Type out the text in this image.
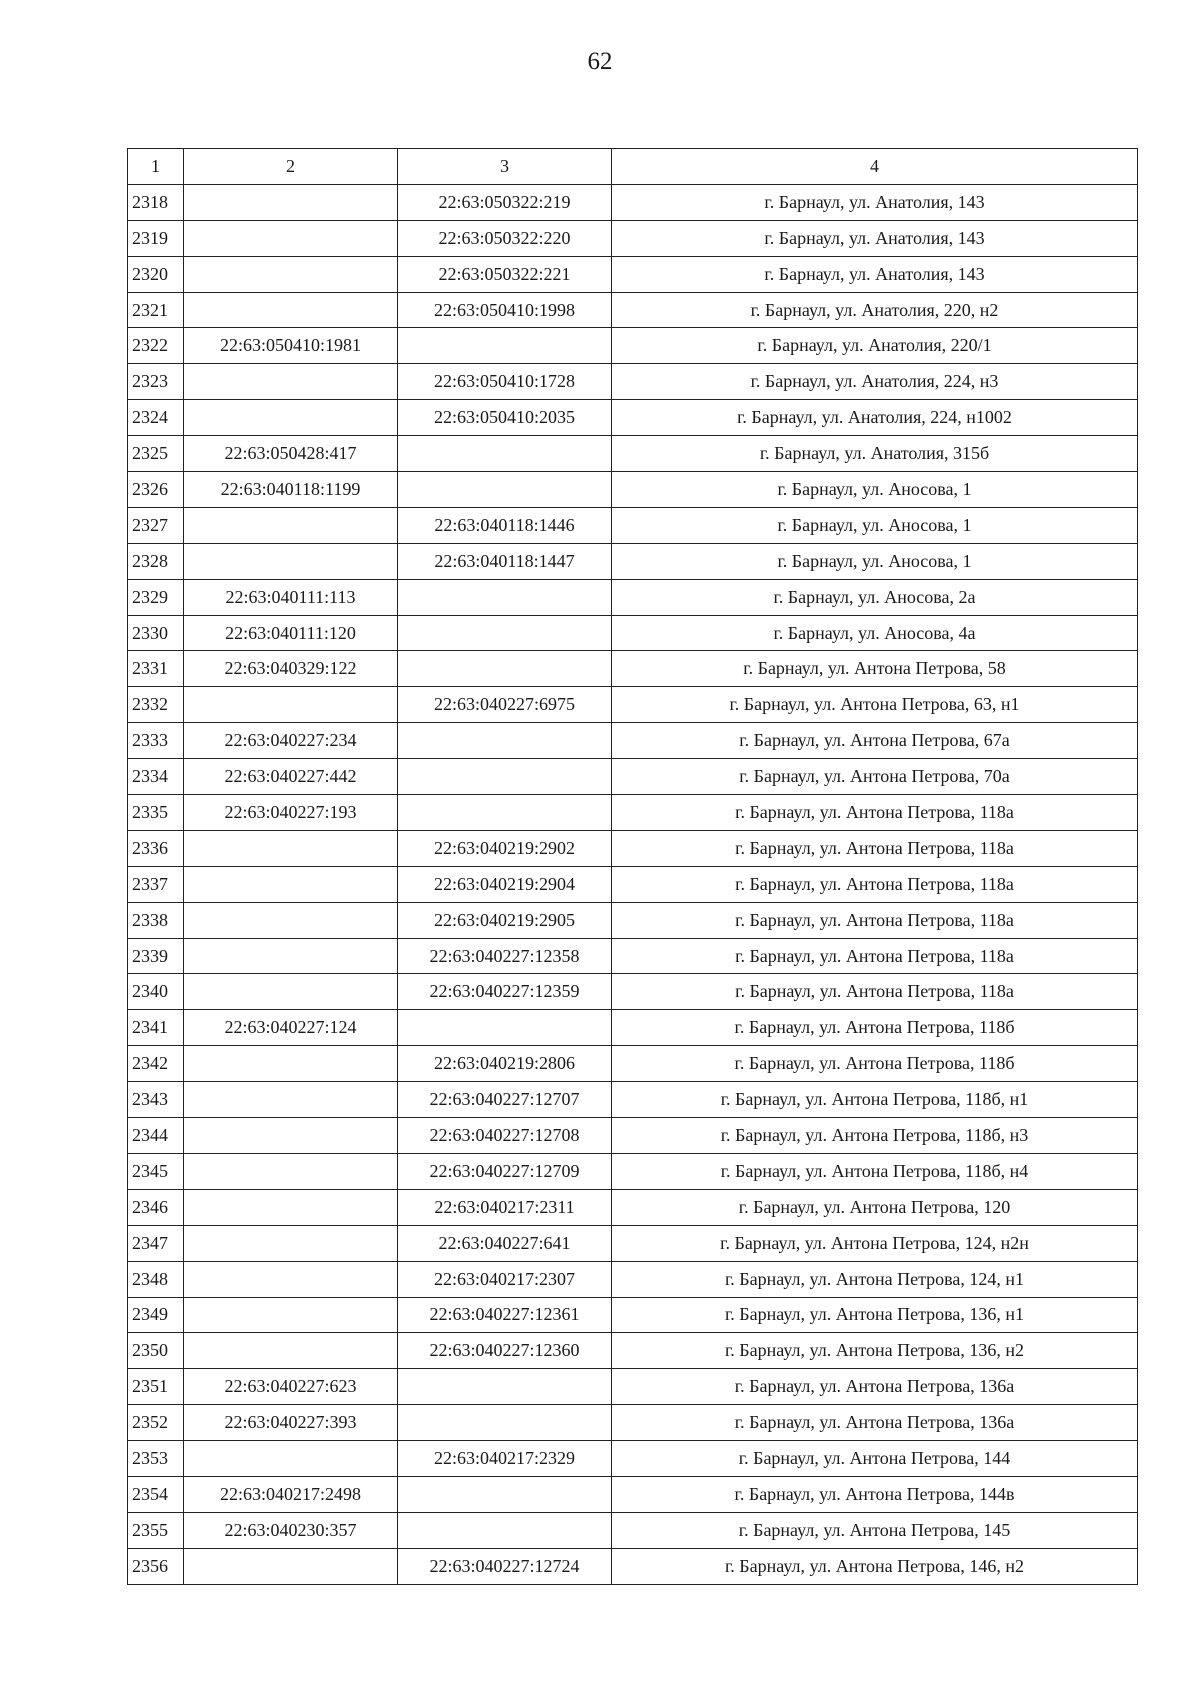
62
1	2	3	4
2318		22:63:050322:219	г. Барнаул, ул. Анатолия, 143
2319		22:63:050322:220	г. Барнаул, ул. Анатолия, 143
2320		22:63:050322:221	г. Барнаул, ул. Анатолия, 143
2321		22:63:050410:1998	г. Барнаул, ул. Анатолия, 220, н2
2322	22:63:050410:1981		г. Барнаул, ул. Анатолия, 220/1
2323		22:63:050410:1728	г. Барнаул, ул. Анатолия, 224, н3
2324		22:63:050410:2035	г. Барнаул, ул. Анатолия, 224, н1002
2325	22:63:050428:417		г. Барнаул, ул. Анатолия, 315б
2326	22:63:040118:1199		г. Барнаул, ул. Аносова, 1
2327		22:63:040118:1446	г. Барнаул, ул. Аносова, 1
2328		22:63:040118:1447	г. Барнаул, ул. Аносова, 1
2329	22:63:040111:113		г. Барнаул, ул. Аносова, 2а
2330	22:63:040111:120		г. Барнаул, ул. Аносова, 4а
2331	22:63:040329:122		г. Барнаул, ул. Антона Петрова, 58
2332		22:63:040227:6975	г. Барнаул, ул. Антона Петрова, 63, н1
2333	22:63:040227:234		г. Барнаул, ул. Антона Петрова, 67а
2334	22:63:040227:442		г. Барнаул, ул. Антона Петрова, 70а
2335	22:63:040227:193		г. Барнаул, ул. Антона Петрова, 118а
2336		22:63:040219:2902	г. Барнаул, ул. Антона Петрова, 118а
2337		22:63:040219:2904	г. Барнаул, ул. Антона Петрова, 118а
2338		22:63:040219:2905	г. Барнаул, ул. Антона Петрова, 118а
2339		22:63:040227:12358	г. Барнаул, ул. Антона Петрова, 118а
2340		22:63:040227:12359	г. Барнаул, ул. Антона Петрова, 118а
2341	22:63:040227:124		г. Барнаул, ул. Антона Петрова, 118б
2342		22:63:040219:2806	г. Барнаул, ул. Антона Петрова, 118б
2343		22:63:040227:12707	г. Барнаул, ул. Антона Петрова, 118б, н1
2344		22:63:040227:12708	г. Барнаул, ул. Антона Петрова, 118б, н3
2345		22:63:040227:12709	г. Барнаул, ул. Антона Петрова, 118б, н4
2346		22:63:040217:2311	г. Барнаул, ул. Антона Петрова, 120
2347		22:63:040227:641	г. Барнаул, ул. Антона Петрова, 124, н2н
2348		22:63:040217:2307	г. Барнаул, ул. Антона Петрова, 124, н1
2349		22:63:040227:12361	г. Барнаул, ул. Антона Петрова, 136, н1
2350		22:63:040227:12360	г. Барнаул, ул. Антона Петрова, 136, н2
2351	22:63:040227:623		г. Барнаул, ул. Антона Петрова, 136а
2352	22:63:040227:393		г. Барнаул, ул. Антона Петрова, 136а
2353		22:63:040217:2329	г. Барнаул, ул. Антона Петрова, 144
2354	22:63:040217:2498		г. Барнаул, ул. Антона Петрова, 144в
2355	22:63:040230:357		г. Барнаул, ул. Антона Петрова, 145
2356		22:63:040227:12724	г. Барнаул, ул. Антона Петрова, 146, н2
